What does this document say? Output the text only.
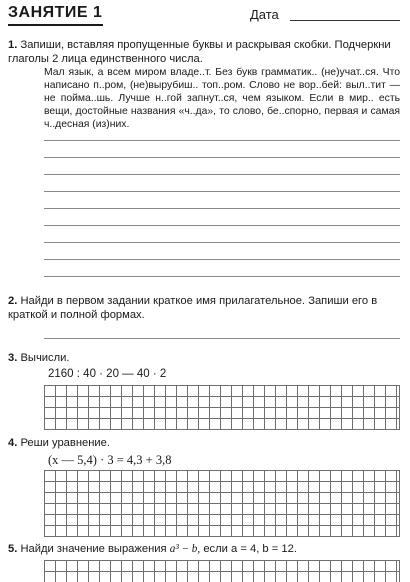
ЗАНЯТИЕ 1	Дата
1. Запиши, вставляя пропущенные буквы и раскрывая скобки. Подчеркни глаголы 2 лица единственного числа.
Мал язык, а всем миром владе..т. Без букв грамматик.. (не)учат..ся. Что написано п..ром, (не)вырубиш.. топ..ром. Слово не вор..бей: выл..тит — не пойма..шь. Лучше н..гой запнут..ся, чем языком. Если в мир.. есть вещи, достойные названия «ч..да», то слово, бе..спорно, первая и самая ч..десная (из)них.
2. Найди в первом задании краткое имя прилагательное. Запиши его в краткой и полной формах.
3. Вычисли.
2160 : 40 · 20 — 40 · 2
4. Реши уравнение.
(x — 5,4) · 3 = 4,3 + 3,8
5. Найди значение выражения a³ − b, если a = 4, b = 12.
